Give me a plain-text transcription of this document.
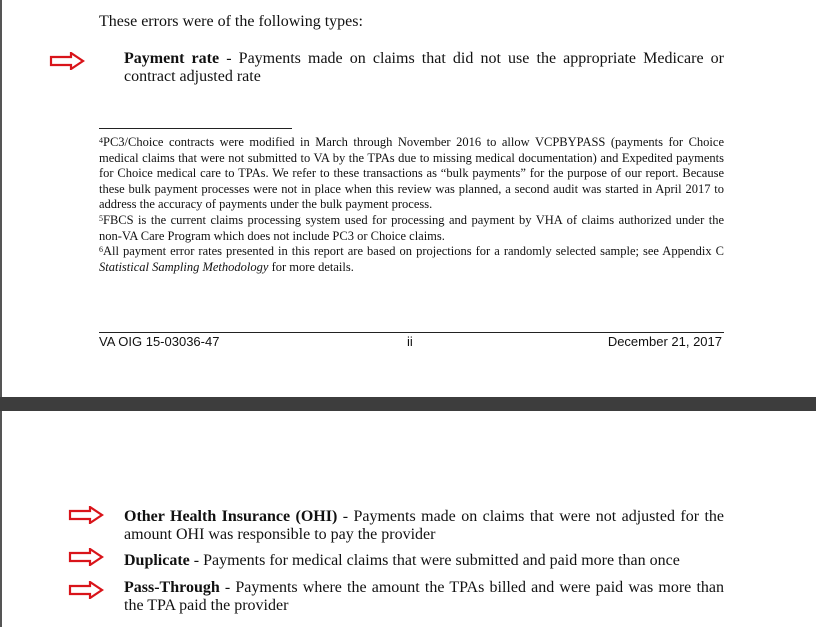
These errors were of the following types:
Payment rate - Payments made on claims that did not use the appropriate Medicare or contract adjusted rate

$^4$PC3/Choice contracts were modified in March through November 2016 to allow VCPBYPASS (payments for Choice medical claims that were not submitted to VA by the TPAs due to missing medical documentation) and Expedited payments for Choice medical care to TPAs. We refer to these transactions as “bulk payments” for the purpose of our report. Because these bulk payment processes were not in place when this review was planned, a second audit was started in April 2017 to address the accuracy of payments under the bulk payment process.

$^5$FBCS is the current claims processing system used for processing and payment by VHA of claims authorized under the non-VA Care Program which does not include PC3 or Choice claims.

$^6$All payment error rates presented in this report are based on projections for a randomly selected sample; see Appendix C Statistical Sampling Methodology for more details.

VA OIG 15-03036-47	ii	December 21, 2017
Other Health Insurance (OHI) - Payments made on claims that were not adjusted for the amount OHI was responsible to pay the provider
Duplicate - Payments for medical claims that were submitted and paid more than once
Pass-Through - Payments where the amount the TPAs billed and were paid was more than the TPA paid the provider
